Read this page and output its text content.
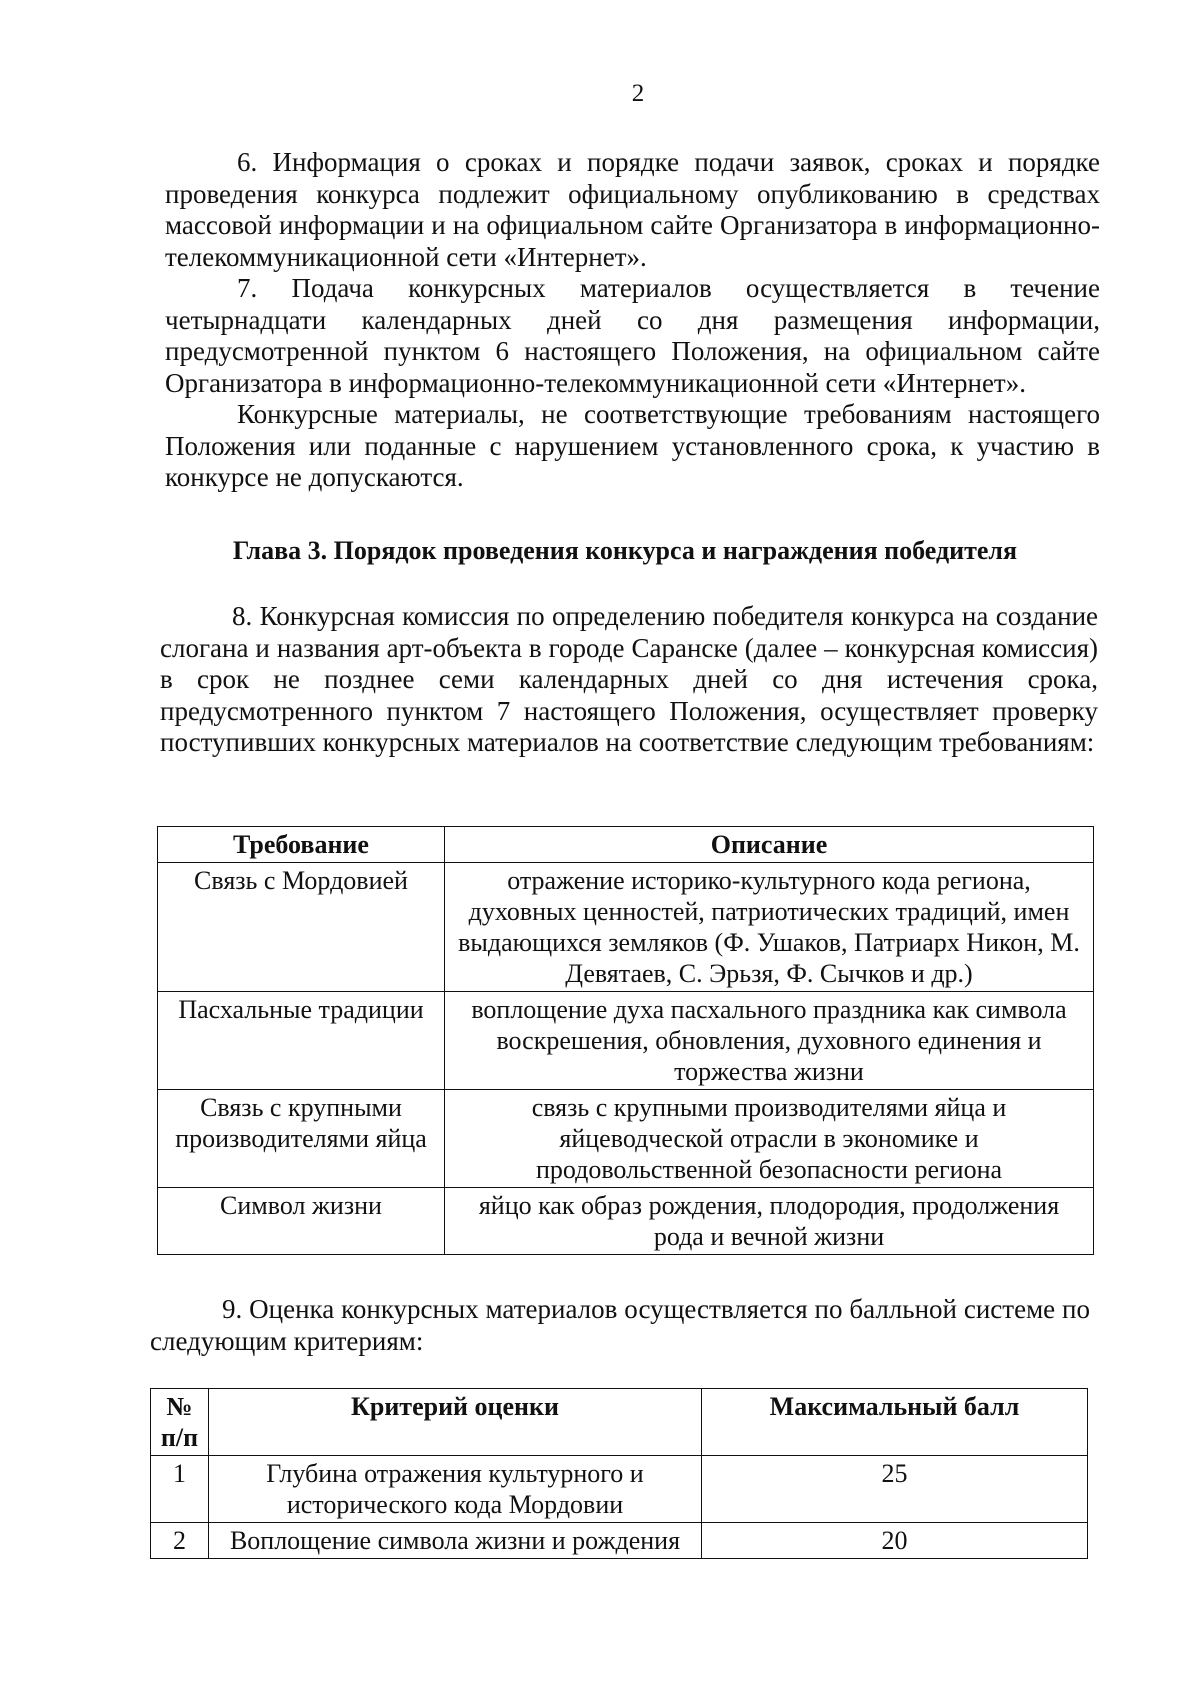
2

6. Информация о сроках и порядке подачи заявок, сроках и порядке проведения конкурса подлежит официальному опубликованию в средствах массовой информации и на официальном сайте Организатора в информационно-телекоммуникационной сети «Интернет».

7. Подача конкурсных материалов осуществляется в течение четырнадцати календарных дней со дня размещения информации, предусмотренной пунктом 6 настоящего Положения, на официальном сайте Организатора в информационно-телекоммуникационной сети «Интернет».

Конкурсные материалы, не соответствующие требованиям настоящего Положения или поданные с нарушением установленного срока, к участию в конкурсе не допускаются.

Глава 3. Порядок проведения конкурса и награждения победителя

8. Конкурсная комиссия по определению победителя конкурса на создание слогана и названия арт-объекта в городе Саранске (далее – конкурсная комиссия) в срок не позднее семи календарных дней со дня истечения срока, предусмотренного пунктом 7 настоящего Положения, осуществляет проверку поступивших конкурсных материалов на соответствие следующим требованиям:

Требование	Описание
Связь с Мордовией	отражение историко-культурного кода региона, духовных ценностей, патриотических традиций, имен выдающихся земляков (Ф. Ушаков, Патриарх Никон, М. Девятаев, С. Эрьзя, Ф. Сычков и др.)
Пасхальные традиции	воплощение духа пасхального праздника как символа воскрешения, обновления, духовного единения и торжества жизни
Связь с крупными производителями яйца	связь с крупными производителями яйца и яйцеводческой отрасли в экономике и продовольственной безопасности региона
Символ жизни	яйцо как образ рождения, плодородия, продолжения рода и вечной жизни

9. Оценка конкурсных материалов осуществляется по балльной системе по следующим критериям:

№ п/п	Критерий оценки	Максимальный балл
1	Глубина отражения культурного и исторического кода Мордовии	25
2	Воплощение символа жизни и рождения	20
